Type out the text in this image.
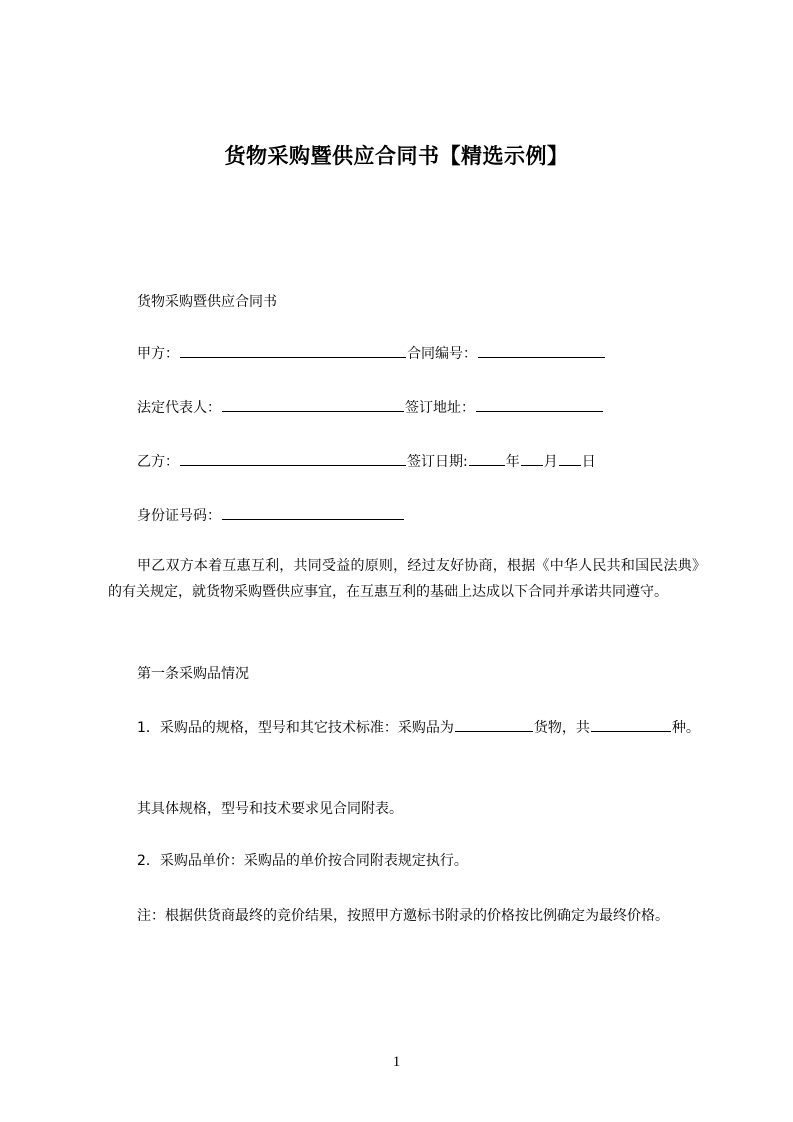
货物采购暨供应合同书【精选示例】
货物采购暨供应合同书
甲方：	合同编号：
法定代表人：	签订地址：
乙方：	签订日期:	年 月 日
身份证号码：
甲乙双方本着互惠互利，共同受益的原则，经过友好协商，根据《中华人民共和国民法典》的有关规定，就货物采购暨供应事宜，在互惠互利的基础上达成以下合同并承诺共同遵守。
第一条采购品情况
1．采购品的规格，型号和其它技术标准：采购品为	货物，共	种。
其具体规格，型号和技术要求见合同附表。
2．采购品单价：采购品的单价按合同附表规定执行。
注：根据供货商最终的竞价结果，按照甲方邀标书附录的价格按比例确定为最终价格。
1
